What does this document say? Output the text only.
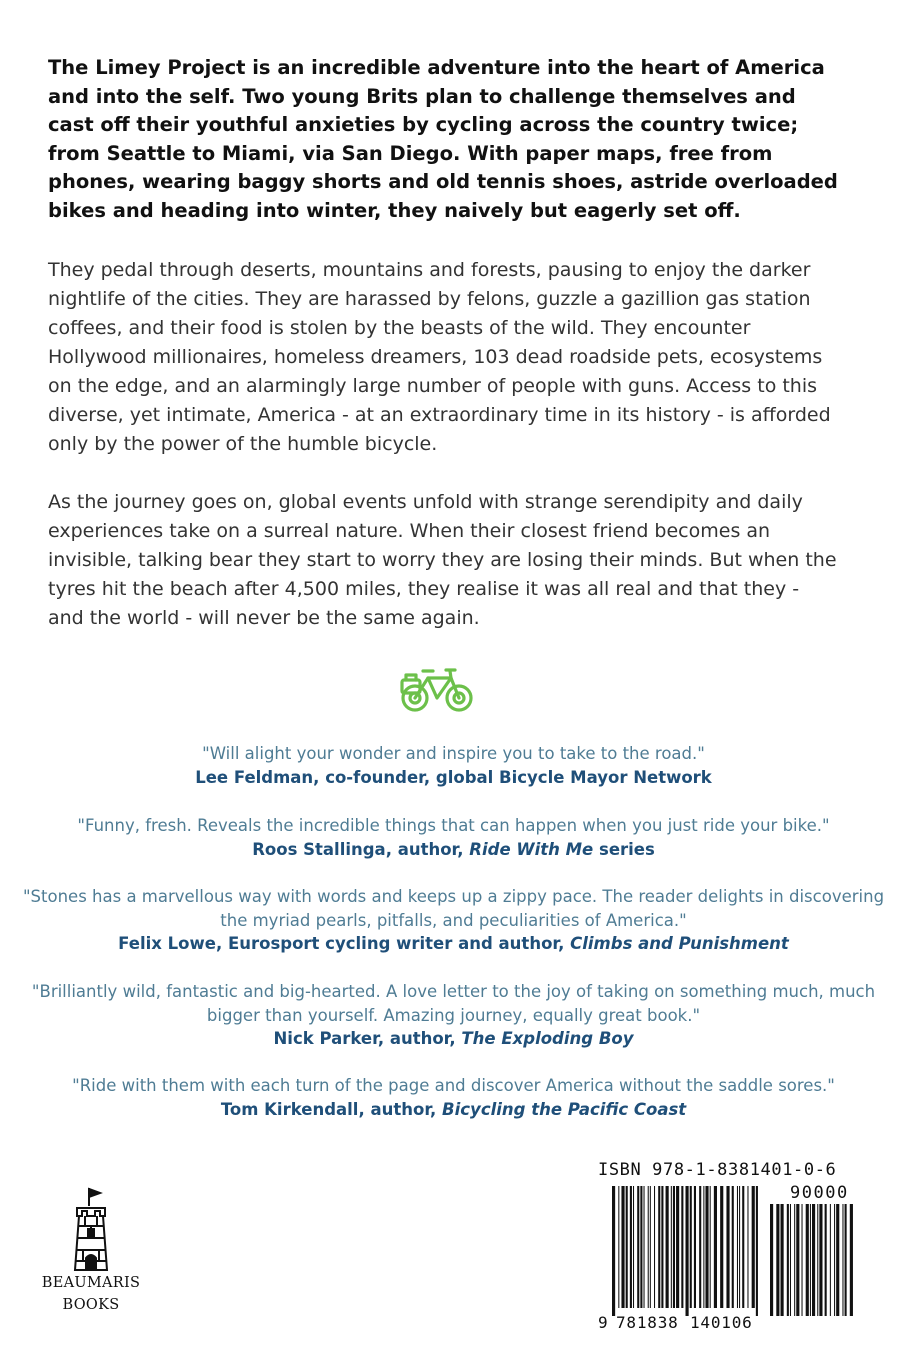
The Limey Project is an incredible adventure into the heart of America and into the self. Two young Brits plan to challenge themselves and cast off their youthful anxieties by cycling across the country twice; from Seattle to Miami, via San Diego. With paper maps, free from phones, wearing baggy shorts and old tennis shoes, astride overloaded bikes and heading into winter, they naively but eagerly set off.

They pedal through deserts, mountains and forests, pausing to enjoy the darker nightlife of the cities. They are harassed by felons, guzzle a gazillion gas station coffees, and their food is stolen by the beasts of the wild. They encounter Hollywood millionaires, homeless dreamers, 103 dead roadside pets, ecosystems on the edge, and an alarmingly large number of people with guns. Access to this diverse, yet intimate, America - at an extraordinary time in its history - is afforded only by the power of the humble bicycle.

As the journey goes on, global events unfold with strange serendipity and daily experiences take on a surreal nature. When their closest friend becomes an invisible, talking bear they start to worry they are losing their minds. But when the tyres hit the beach after 4,500 miles, they realise it was all real and that they - and the world - will never be the same again.

"Will alight your wonder and inspire you to take to the road."
Lee Feldman, co-founder, global Bicycle Mayor Network
"Funny, fresh. Reveals the incredible things that can happen when you just ride your bike."
Roos Stallinga, author, Ride With Me series
"Stones has a marvellous way with words and keeps up a zippy pace. The reader delights in discovering the myriad pearls, pitfalls, and peculiarities of America."
Felix Lowe, Eurosport cycling writer and author, Climbs and Punishment
"Brilliantly wild, fantastic and big-hearted. A love letter to the joy of taking on something much, much bigger than yourself. Amazing journey, equally great book."
Nick Parker, author, The Exploding Boy
"Ride with them with each turn of the page and discover America without the saddle sores."
Tom Kirkendall, author, Bicycling the Pacific Coast
BEAUMARIS
BOOKS
ISBN 978-1-8381401-0-6
90000
9 781838 140106
